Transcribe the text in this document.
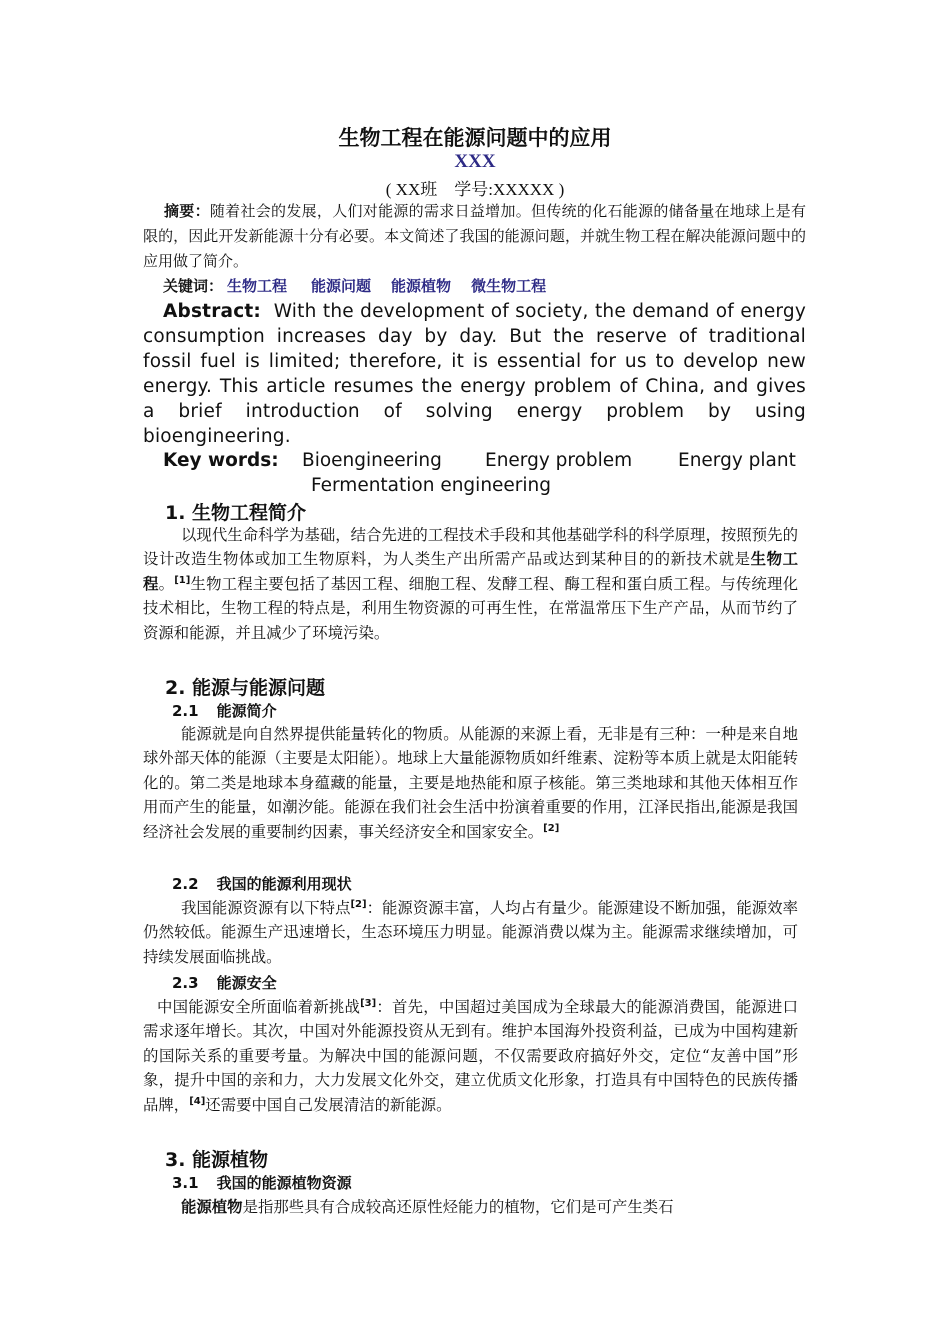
生物工程在能源问题中的应用
XXX
( XX班　学号:XXXXX )
摘要：随着社会的发展，人们对能源的需求日益增加。但传统的化石能源的储备量在地球上是有限的，因此开发新能源十分有必要。本文简述了我国的能源问题，并就生物工程在解决能源问题中的应用做了简介。
关键词： 生物工程 能源问题 能源植物 微生物工程
Abstract: With the development of society, the demand of energy consumption increases day by day. But the reserve of traditional fossil fuel is limited; therefore, it is essential for us to develop new energy. This article resumes the energy problem of China, and gives a brief introduction of solving energy problem by using bioengineering.
Key words: Bioengineering Energy problem Energy plant
Fermentation engineering
1. 生物工程简介
以现代生命科学为基础，结合先进的工程技术手段和其他基础学科的科学原理，按照预先的设计改造生物体或加工生物原料，为人类生产出所需产品或达到某种目的的新技术就是生物工程。[1]生物工程主要包括了基因工程、细胞工程、发酵工程、酶工程和蛋白质工程。与传统理化技术相比，生物工程的特点是，利用生物资源的可再生性，在常温常压下生产产品，从而节约了资源和能源，并且减少了环境污染。
2. 能源与能源问题
2.1 能源简介
能源就是向自然界提供能量转化的物质。从能源的来源上看，无非是有三种：一种是来自地球外部天体的能源（主要是太阳能）。地球上大量能源物质如纤维素、淀粉等本质上就是太阳能转化的。第二类是地球本身蕴藏的能量，主要是地热能和原子核能。第三类地球和其他天体相互作用而产生的能量，如潮汐能。能源在我们社会生活中扮演着重要的作用，江泽民指出,能源是我国经济社会发展的重要制约因素，事关经济安全和国家安全。[2]
2.2 我国的能源利用现状
我国能源资源有以下特点[2]：能源资源丰富，人均占有量少。能源建设不断加强，能源效率仍然较低。能源生产迅速增长，生态环境压力明显。能源消费以煤为主。能源需求继续增加，可持续发展面临挑战。
2.3 能源安全
中国能源安全所面临着新挑战[3]：首先，中国超过美国成为全球最大的能源消费国，能源进口需求逐年增长。其次，中国对外能源投资从无到有。维护本国海外投资利益，已成为中国构建新的国际关系的重要考量。为解决中国的能源问题，不仅需要政府搞好外交，定位“友善中国”形象，提升中国的亲和力，大力发展文化外交，建立优质文化形象，打造具有中国特色的民族传播品牌，[4]还需要中国自己发展清洁的新能源。
3. 能源植物
3.1 我国的能源植物资源
能源植物是指那些具有合成较高还原性烃能力的植物，它们是可产生类石
